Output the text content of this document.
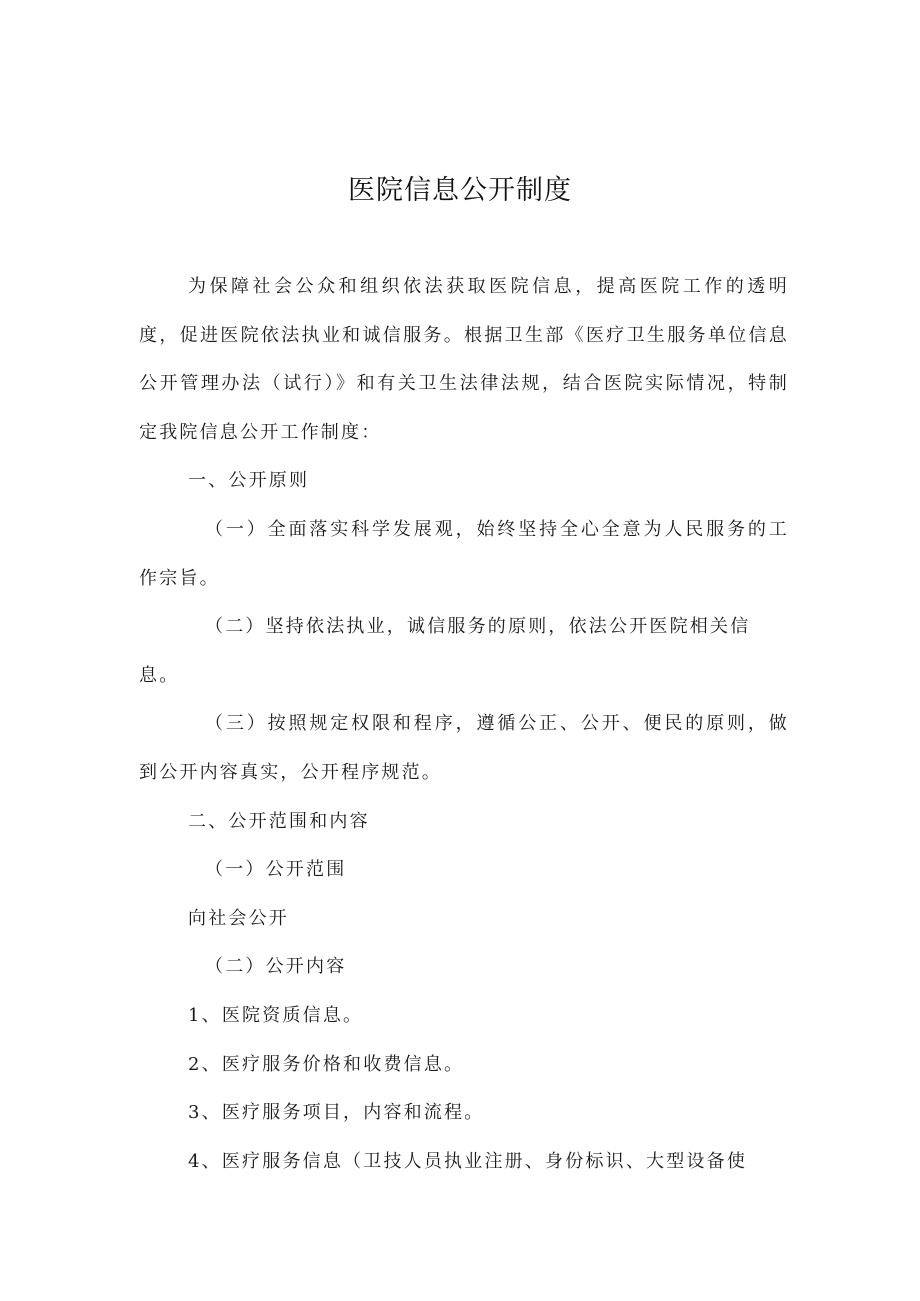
医院信息公开制度

为保障社会公众和组织依法获取医院信息，提高医院工作的透明度，促进医院依法执业和诚信服务。根据卫生部《医疗卫生服务单位信息公开管理办法（试行）》和有关卫生法律法规，结合医院实际情况，特制定我院信息公开工作制度：

一、公开原则

（一）全面落实科学发展观，始终坚持全心全意为人民服务的工作宗旨。

（二）坚持依法执业，诚信服务的原则，依法公开医院相关信息。

（三）按照规定权限和程序，遵循公正、公开、便民的原则，做到公开内容真实，公开程序规范。

二、公开范围和内容

（一）公开范围

向社会公开

（二）公开内容

1、医院资质信息。

2、医疗服务价格和收费信息。

3、医疗服务项目，内容和流程。

4、医疗服务信息（卫技人员执业注册、身份标识、大型设备使
